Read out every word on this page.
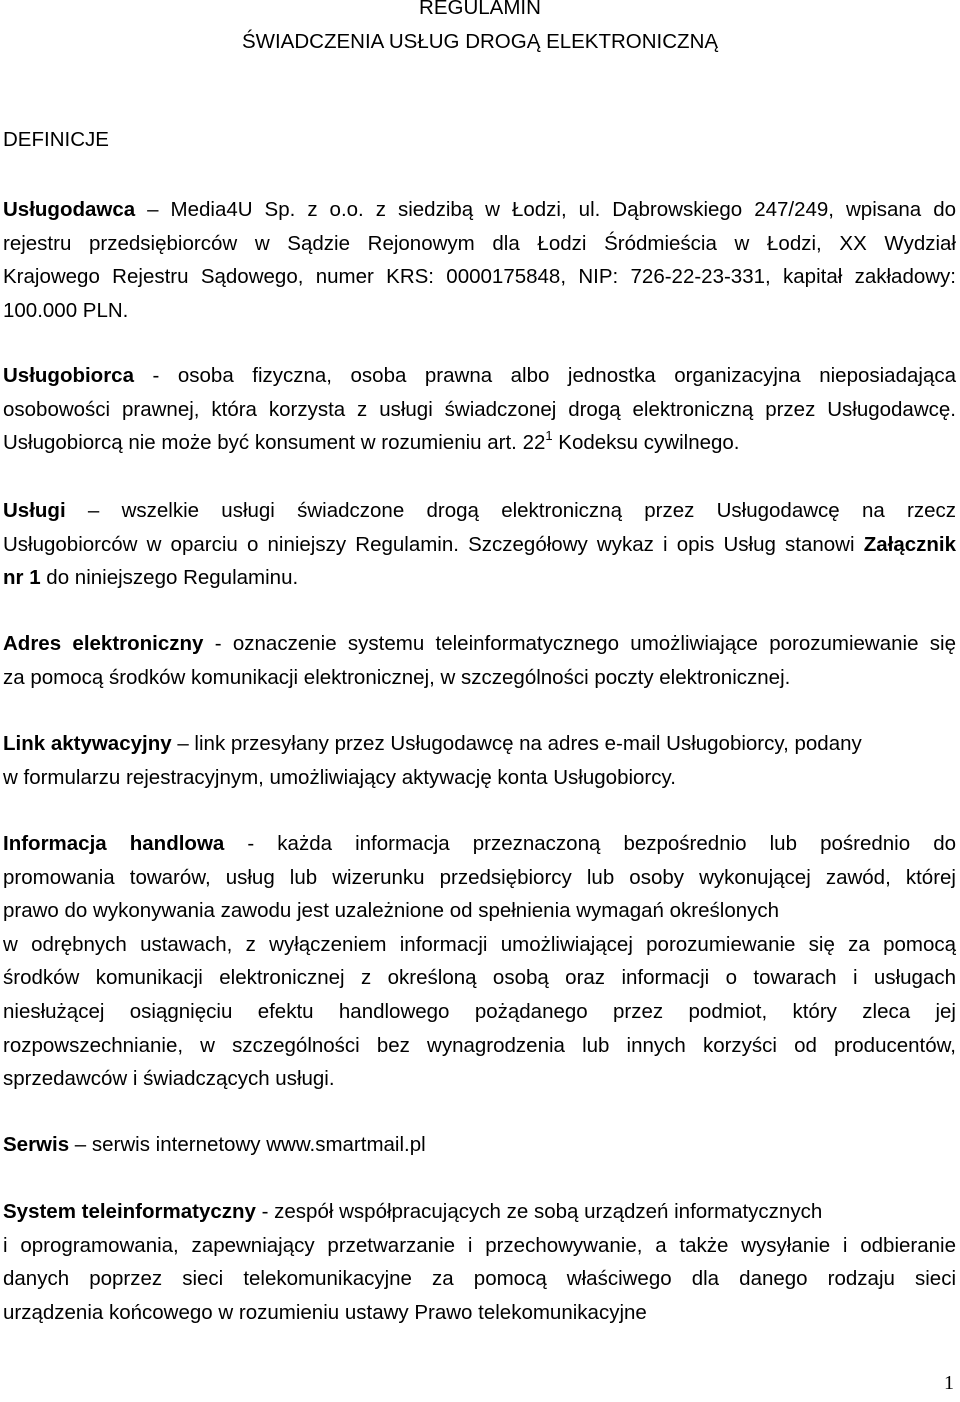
REGULAMIN
ŚWIADCZENIA USŁUG DROGĄ ELEKTRONICZNĄ
DEFINICJE
Usługodawca – Media4U Sp. z o.o. z siedzibą w Łodzi, ul. Dąbrowskiego 247/249, wpisana do
rejestru przedsiębiorców w Sądzie Rejonowym dla Łodzi Śródmieścia w Łodzi, XX Wydział
Krajowego Rejestru Sądowego, numer KRS: 0000175848, NIP: 726-22-23-331, kapitał zakładowy:
100.000 PLN.
Usługobiorca - osoba fizyczna, osoba prawna albo jednostka organizacyjna nieposiadająca
osobowości prawnej, która korzysta z usługi świadczonej drogą elektroniczną przez Usługodawcę.
Usługobiorcą nie może być konsument w rozumieniu art. $22^1$ Kodeksu cywilnego.
Usługi – wszelkie usługi świadczone drogą elektroniczną przez Usługodawcę na rzecz
Usługobiorców w oparciu o niniejszy Regulamin. Szczegółowy wykaz i opis Usług stanowi Załącznik
nr 1 do niniejszego Regulaminu.
Adres elektroniczny - oznaczenie systemu teleinformatycznego umożliwiające porozumiewanie się
za pomocą środków komunikacji elektronicznej, w szczególności poczty elektronicznej.
Link aktywacyjny – link przesyłany przez Usługodawcę na adres e-mail Usługobiorcy, podany
w formularzu rejestracyjnym, umożliwiający aktywację konta Usługobiorcy.
Informacja handlowa - każda informacja przeznaczoną bezpośrednio lub pośrednio do
promowania towarów, usług lub wizerunku przedsiębiorcy lub osoby wykonującej zawód, której
prawo do wykonywania zawodu jest uzależnione od spełnienia wymagań określonych
w odrębnych ustawach, z wyłączeniem informacji umożliwiającej porozumiewanie się za pomocą
środków komunikacji elektronicznej z określoną osobą oraz informacji o towarach i usługach
niesłużącej osiągnięciu efektu handlowego pożądanego przez podmiot, który zleca jej
rozpowszechnianie, w szczególności bez wynagrodzenia lub innych korzyści od producentów,
sprzedawców i świadczących usługi.
Serwis – serwis internetowy www.smartmail.pl
System teleinformatyczny - zespół współpracujących ze sobą urządzeń informatycznych
i oprogramowania, zapewniający przetwarzanie i przechowywanie, a także wysyłanie i odbieranie
danych poprzez sieci telekomunikacyjne za pomocą właściwego dla danego rodzaju sieci
urządzenia końcowego w rozumieniu ustawy Prawo telekomunikacyjne
1
